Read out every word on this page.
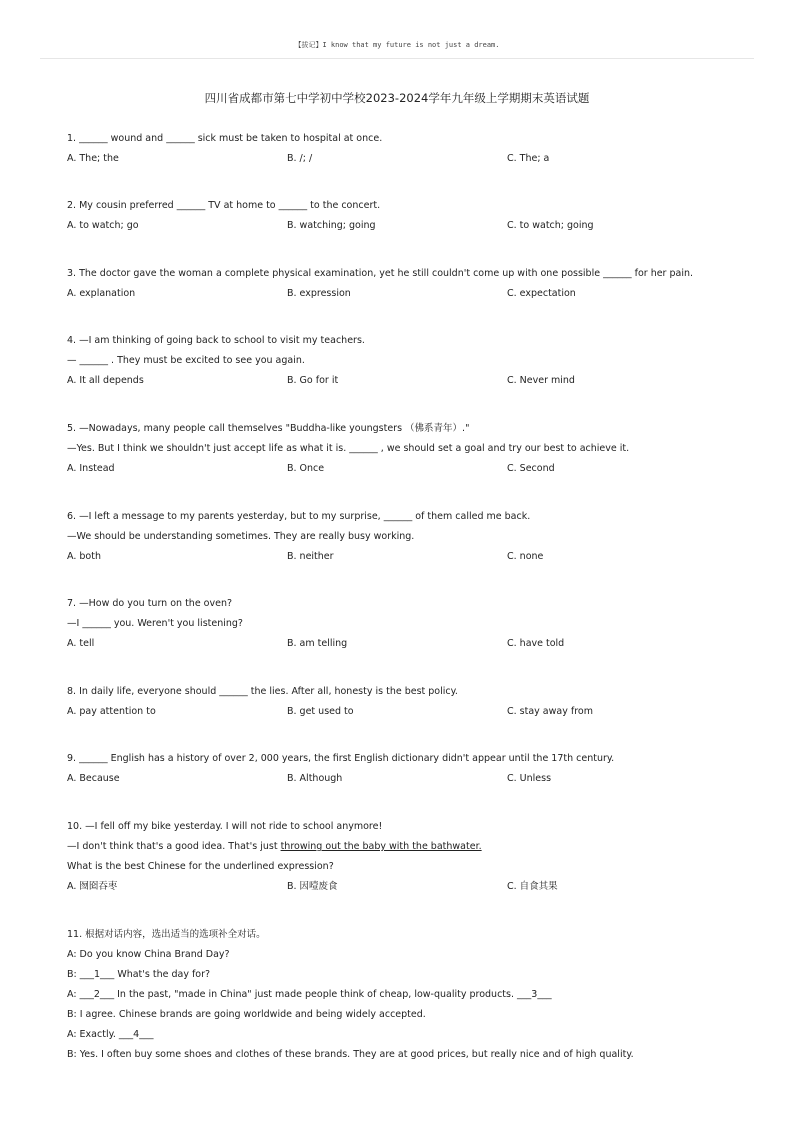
【拔记】I know that my future is not just a dream.
四川省成都市第七中学初中学校2023-2024学年九年级上学期期末英语试题
1. ______ wound and ______ sick must be taken to hospital at once.
A. The; the	B. /; /	C. The; a
2. My cousin preferred ______ TV at home to ______ to the concert.
A. to watch; go	B. watching; going	C. to watch; going
3. The doctor gave the woman a complete physical examination, yet he still couldn't come up with one possible ______ for her pain.
A. explanation	B. expression	C. expectation
4. —I am thinking of going back to school to visit my teachers.
— ______ . They must be excited to see you again.
A. It all depends	B. Go for it	C. Never mind
5. —Nowadays, many people call themselves "Buddha-like youngsters （佛系青年）."
—Yes. But I think we shouldn't just accept life as what it is. ______ , we should set a goal and try our best to achieve it.
A. Instead	B. Once	C. Second
6. —I left a message to my parents yesterday, but to my surprise, ______ of them called me back.
—We should be understanding sometimes. They are really busy working.
A. both	B. neither	C. none
7. —How do you turn on the oven?
—I ______ you. Weren't you listening?
A. tell	B. am telling	C. have told
8. In daily life, everyone should ______ the lies. After all, honesty is the best policy.
A. pay attention to	B. get used to	C. stay away from
9. ______ English has a history of over 2, 000 years, the first English dictionary didn't appear until the 17th century.
A. Because	B. Although	C. Unless
10. —I fell off my bike yesterday. I will not ride to school anymore!
—I don't think that's a good idea. That's just throwing out the baby with the bathwater.
What is the best Chinese for the underlined expression?
A. 囫囵吞枣	B. 因噎废食	C. 自食其果
11. 根据对话内容，选出适当的选项补全对话。
A: Do you know China Brand Day?
B: ___1___ What's the day for?
A: ___2___ In the past, "made in China" just made people think of cheap, low-quality products. ___3___
B: I agree. Chinese brands are going worldwide and being widely accepted.
A: Exactly. ___4___
B: Yes. I often buy some shoes and clothes of these brands. They are at good prices, but really nice and of high quality.
